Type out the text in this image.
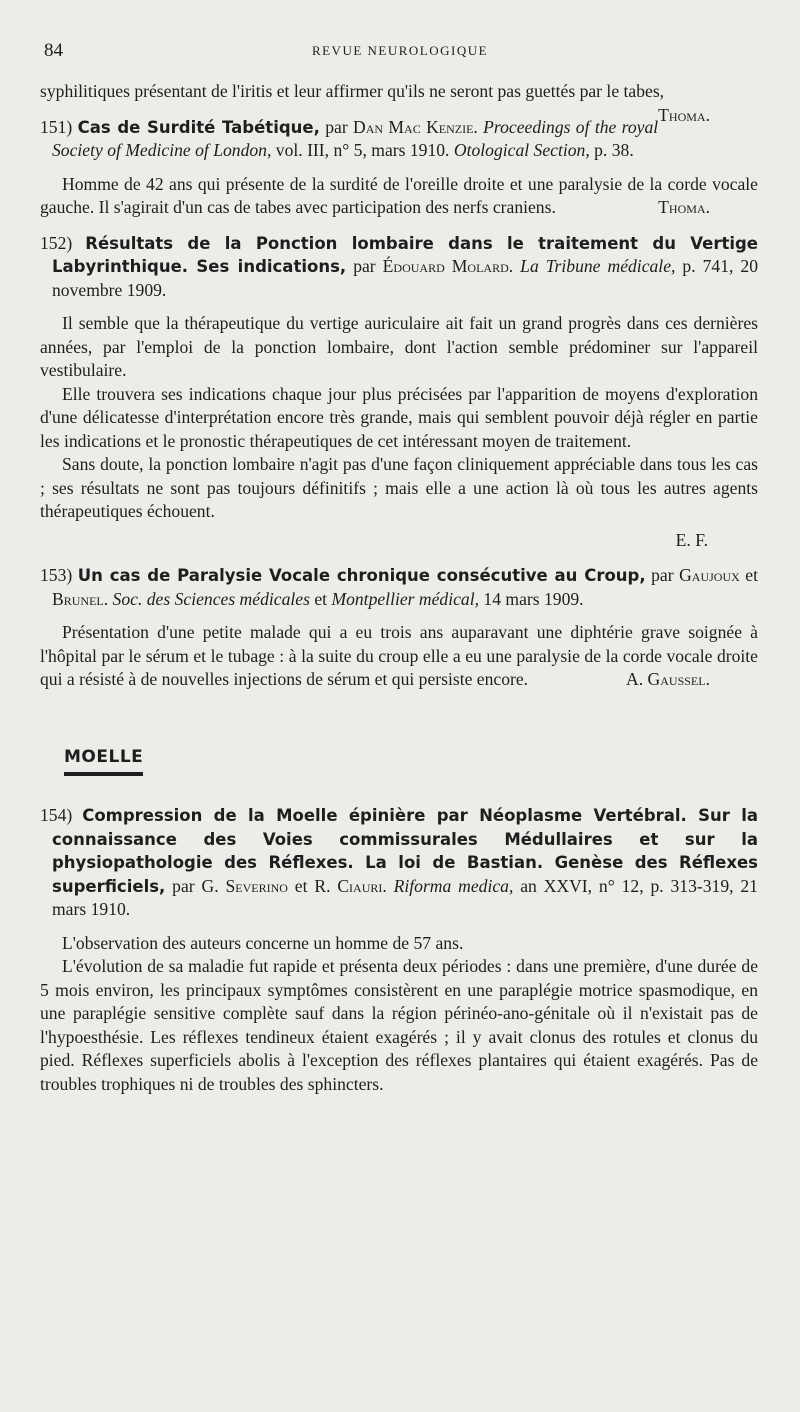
84	REVUE NEUROLOGIQUE

syphilitiques présentant de l'iritis et leur affirmer qu'ils ne seront pas guettés par le tabes,
Thoma.

151) Cas de Surdité Tabétique, par Dan Mac Kenzie. Proceedings of the royal Society of Medicine of London, vol. III, n° 5, mars 1910. Otological Section, p. 38.

Homme de 42 ans qui présente de la surdité de l'oreille droite et une paralysie de la corde vocale gauche. Il s'agirait d'un cas de tabes avec participation des nerfs craniens.	Thoma.

152) Résultats de la Ponction lombaire dans le traitement du Vertige Labyrinthique. Ses indications, par Édouard Molard. La Tribune médicale, p. 741, 20 novembre 1909.

Il semble que la thérapeutique du vertige auriculaire ait fait un grand progrès dans ces dernières années, par l'emploi de la ponction lombaire, dont l'action semble prédominer sur l'appareil vestibulaire.

Elle trouvera ses indications chaque jour plus précisées par l'apparition de moyens d'exploration d'une délicatesse d'interprétation encore très grande, mais qui semblent pouvoir déjà régler en partie les indications et le pronostic thérapeutiques de cet intéressant moyen de traitement.

Sans doute, la ponction lombaire n'agit pas d'une façon cliniquement appréciable dans tous les cas ; ses résultats ne sont pas toujours définitifs ; mais elle a une action là où tous les autres agents thérapeutiques échouent.

E. F.

153) Un cas de Paralysie Vocale chronique consécutive au Croup, par Gaujoux et Brunel. Soc. des Sciences médicales et Montpellier médical, 14 mars 1909.

Présentation d'une petite malade qui a eu trois ans auparavant une diphtérie grave soignée à l'hôpital par le sérum et le tubage : à la suite du croup elle a eu une paralysie de la corde vocale droite qui a résisté à de nouvelles injections de sérum et qui persiste encore.	A. Gaussel.

MOELLE

154) Compression de la Moelle épinière par Néoplasme Vertébral. Sur la connaissance des Voies commissurales Médullaires et sur la physiopathologie des Réflexes. La loi de Bastian. Genèse des Réflexes superficiels, par G. Severino et R. Ciauri. Riforma medica, an XXVI, n° 12, p. 313-319, 21 mars 1910.

L'observation des auteurs concerne un homme de 57 ans.

L'évolution de sa maladie fut rapide et présenta deux périodes : dans une première, d'une durée de 5 mois environ, les principaux symptômes consistèrent en une paraplégie motrice spasmodique, en une paraplégie sensitive complète sauf dans la région périnéo-ano-génitale où il n'existait pas de l'hypoesthésie. Les réflexes tendineux étaient exagérés ; il y avait clonus des rotules et clonus du pied. Réflexes superficiels abolis à l'exception des réflexes plantaires qui étaient exagérés. Pas de troubles trophiques ni de troubles des sphincters.
